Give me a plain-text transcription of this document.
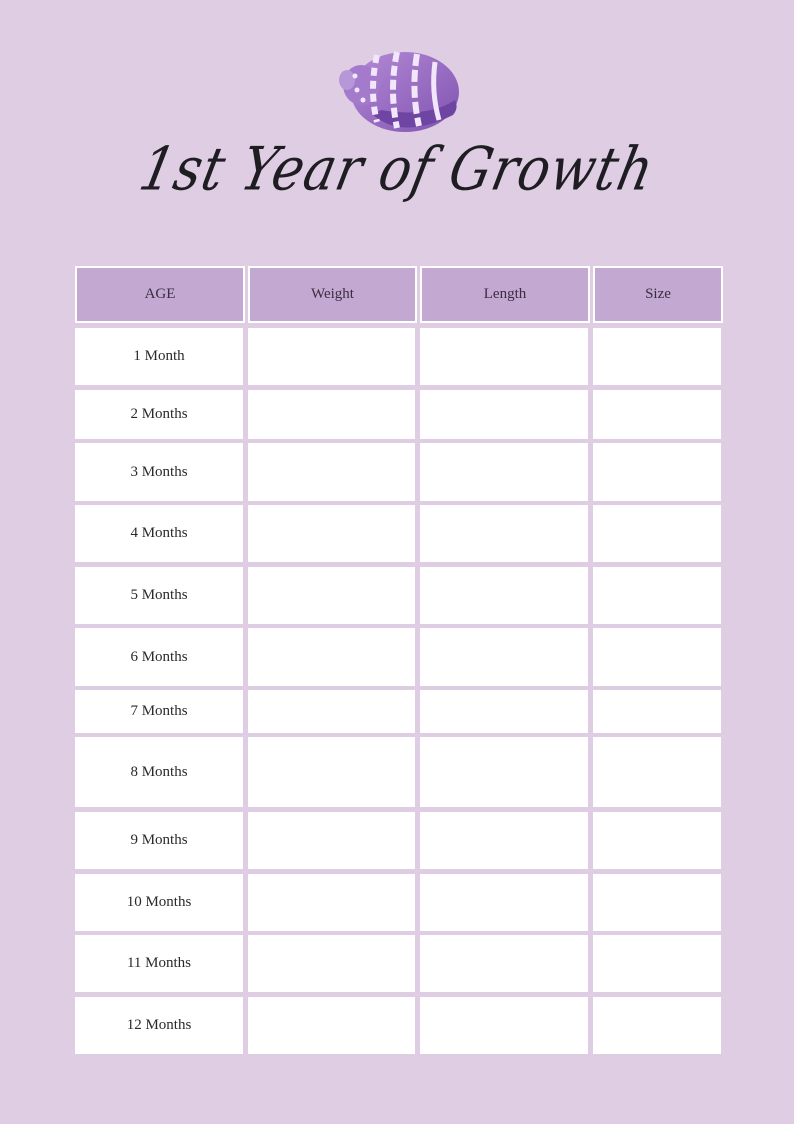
1st Year of Growth
AGE	Weight	Length	Size
1 Month
2 Months
3 Months
4 Months
5 Months
6 Months
7 Months
8 Months
9 Months
10 Months
11 Months
12 Months
